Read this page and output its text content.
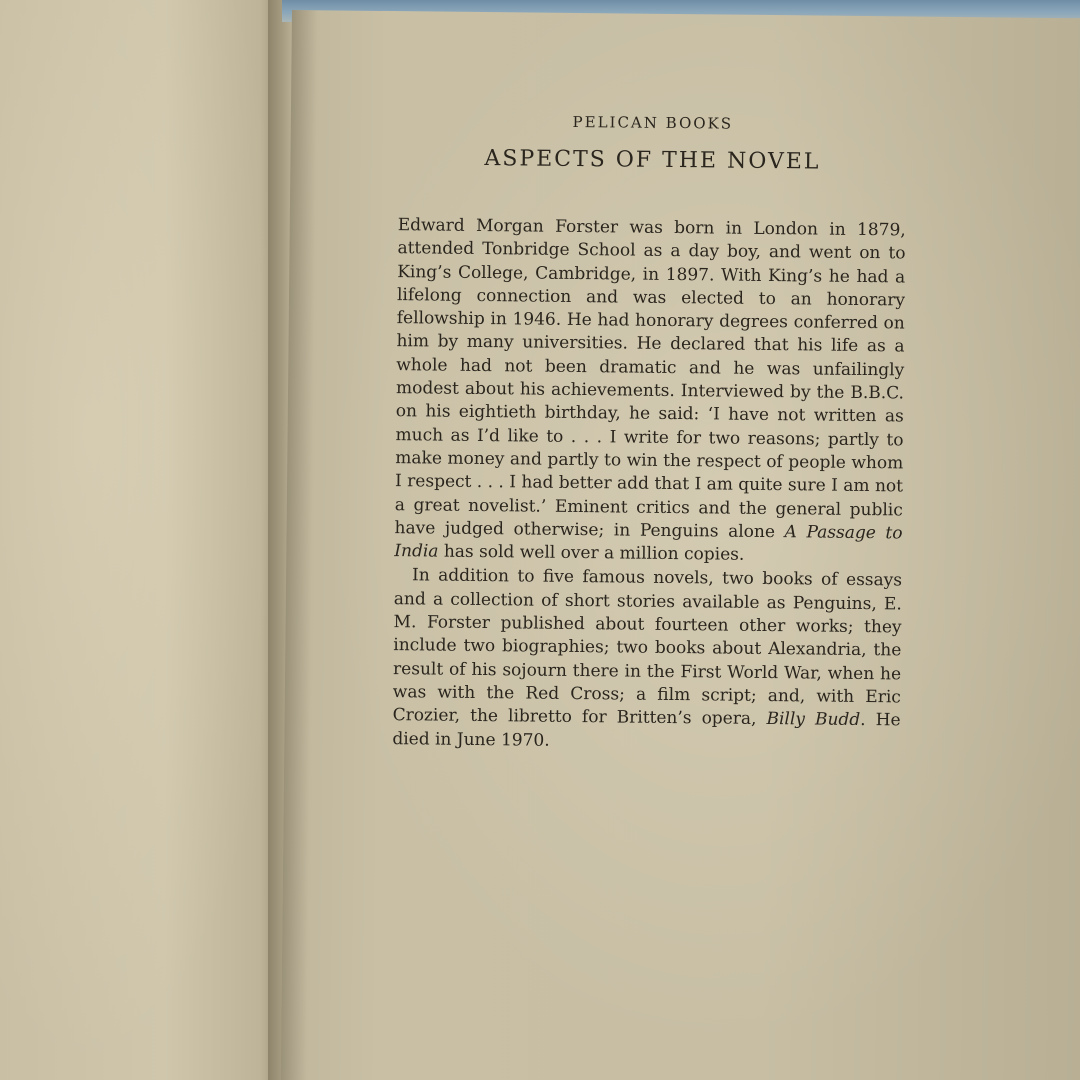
PELICAN BOOKS
ASPECTS OF THE NOVEL

Edward Morgan Forster was born in London in 1879, attended Tonbridge School as a day boy, and went on to King’s College, Cambridge, in 1897. With King’s he had a lifelong connection and was elected to an honorary fellowship in 1946. He had honorary degrees conferred on him by many universities. He declared that his life as a whole had not been dramatic and he was unfailingly modest about his achievements. Interviewed by the B.B.C. on his eightieth birthday, he said: ‘I have not written as much as I’d like to . . . I write for two reasons; partly to make money and partly to win the respect of people whom I respect . . . I had better add that I am quite sure I am not a great novelist.’ Eminent critics and the general public have judged otherwise; in Penguins alone A Passage to India has sold well over a million copies.

In addition to five famous novels, two books of essays and a collection of short stories available as Penguins, E. M. Forster published about fourteen other works; they include two biographies; two books about Alexandria, the result of his sojourn there in the First World War, when he was with the Red Cross; a film script; and, with Eric Crozier, the libretto for Britten’s opera, Billy Budd. He died in June 1970.
